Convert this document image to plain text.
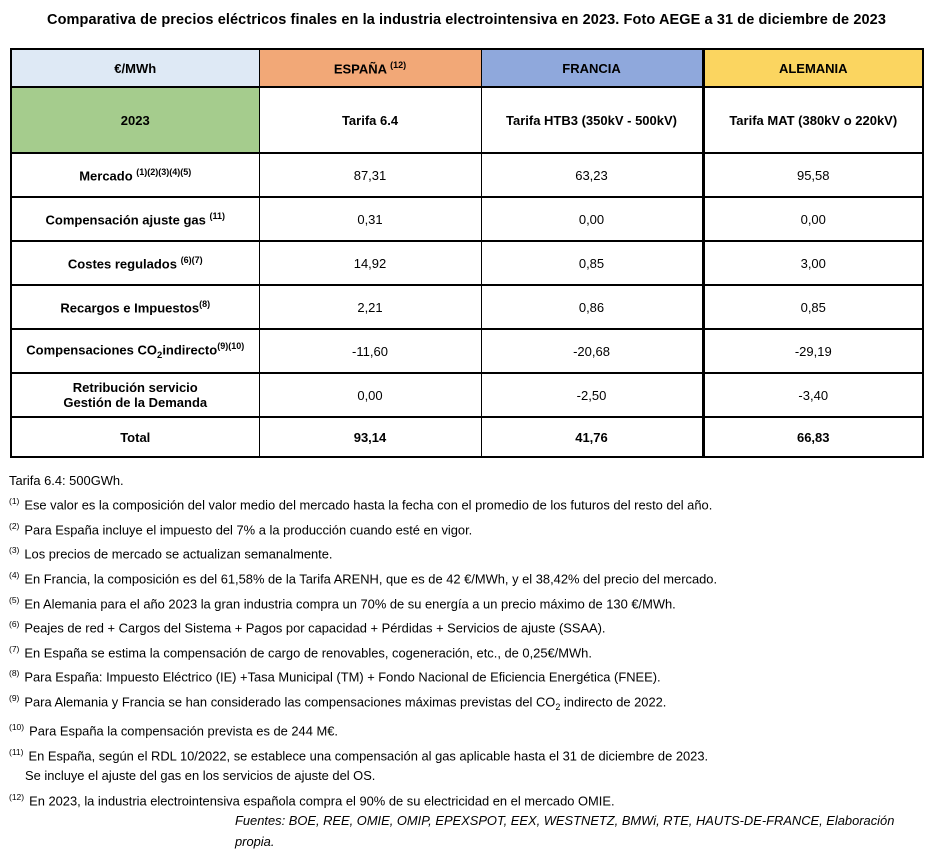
Comparativa de precios eléctricos finales en la industria electrointensiva en 2023. Foto AEGE a 31 de diciembre de 2023
€/MWh	ESPAÑA $^{(12)}$	FRANCIA	ALEMANIA
2023	Tarifa 6.4	Tarifa HTB3 (350kV - 500kV)	Tarifa MAT (380kV o 220kV)
Mercado $^{(1)(2)(3)(4)(5)}$	87,31	63,23	95,58
Compensación ajuste gas $^{(11)}$	0,31	0,00	0,00
Costes regulados $^{(6)(7)}$	14,92	0,85	3,00
Recargos e Impuestos$^{(8)}$	2,21	0,86	0,85
Compensaciones $CO_2indirecto^{(9)(10)}$	-11,60	-20,68	-29,19

Retribución servicio
Gestión de la Demanda	0,00	-2,50	-3,40
Total	93,14	41,76	66,83
Tarifa 6.4: 500GWh.
$^{(1)}$ Ese valor es la composición del valor medio del mercado hasta la fecha con el promedio de los futuros del resto del año.
$^{(2)}$ Para España incluye el impuesto del 7% a la producción cuando esté en vigor.
$^{(3)}$ Los precios de mercado se actualizan semanalmente.
$^{(4)}$ En Francia, la composición es del 61,58% de la Tarifa ARENH, que es de 42 €/MWh, y el 38,42% del precio del mercado.
$^{(5)}$ En Alemania para el año 2023 la gran industria compra un 70% de su energía a un precio máximo de 130 €/MWh.
$^{(6)}$ Peajes de red + Cargos del Sistema + Pagos por capacidad + Pérdidas + Servicios de ajuste (SSAA).
$^{(7)}$ En España se estima la compensación de cargo de renovables, cogeneración, etc., de 0,25€/MWh.
$^{(8)}$ Para España: Impuesto Eléctrico (IE) +Tasa Municipal (TM) + Fondo Nacional de Eficiencia Energética (FNEE).
$^{(9)}$ Para Alemania y Francia se han considerado las compensaciones máximas previstas del $CO_2$ indirecto de 2022.
$^{(10)}$ Para España la compensación prevista es de 244 M€.
$^{(11)}$ En España, según el RDL 10/2022, se establece una compensación al gas aplicable hasta el 31 de diciembre de 2023.
Se incluye el ajuste del gas en los servicios de ajuste del OS.
$^{(12)}$ En 2023, la industria electrointensiva española compra el 90% de su electricidad en el mercado OMIE.
Fuentes: BOE, REE, OMIE, OMIP, EPEXSPOT, EEX, WESTNETZ, BMWi, RTE, HAUTS-DE-FRANCE, Elaboración propia.
